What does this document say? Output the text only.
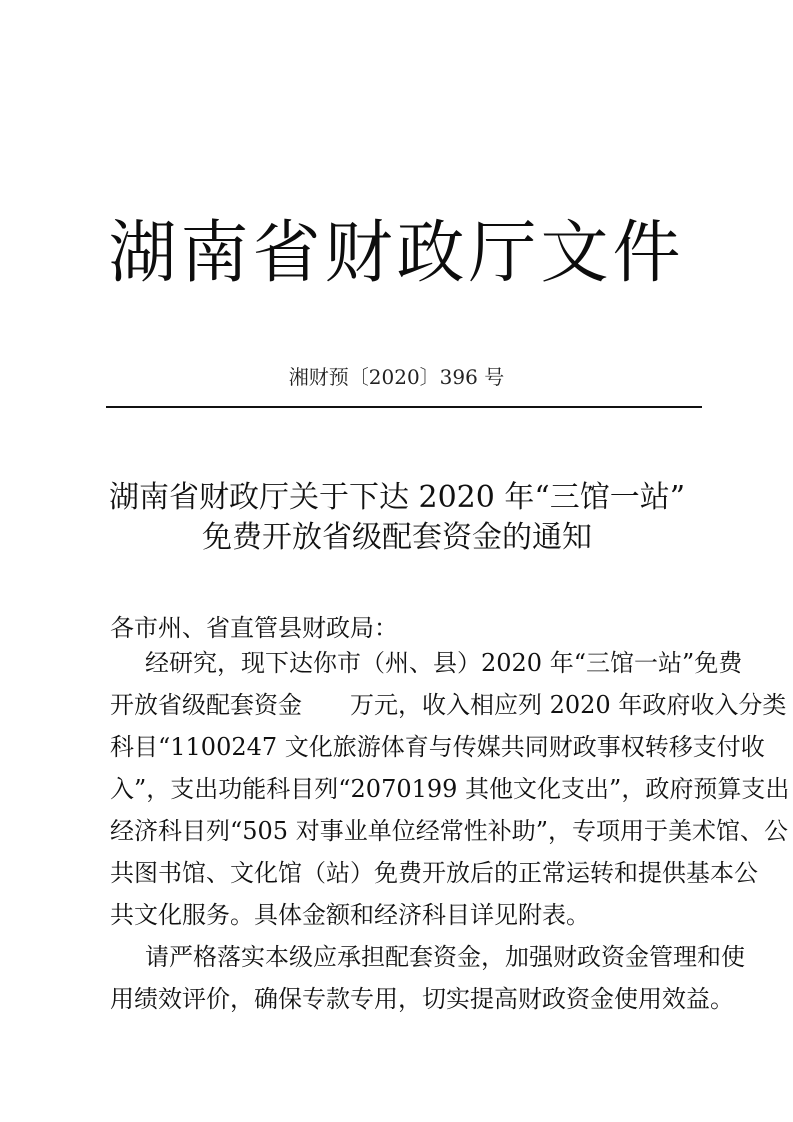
湖南省财政厅文件
湘财预〔2020〕396 号
湖南省财政厅关于下达 2020 年“三馆一站”
免费开放省级配套资金的通知
各市州、省直管县财政局：
经研究，现下达你市（州、县）2020 年“三馆一站”免费
开放省级配套资金　　万元，收入相应列 2020 年政府收入分类
科目“1100247 文化旅游体育与传媒共同财政事权转移支付收
入”，支出功能科目列“2070199 其他文化支出”，政府预算支出
经济科目列“505 对事业单位经常性补助”，专项用于美术馆、公
共图书馆、文化馆（站）免费开放后的正常运转和提供基本公
共文化服务。具体金额和经济科目详见附表。
请严格落实本级应承担配套资金，加强财政资金管理和使
用绩效评价，确保专款专用，切实提高财政资金使用效益。
